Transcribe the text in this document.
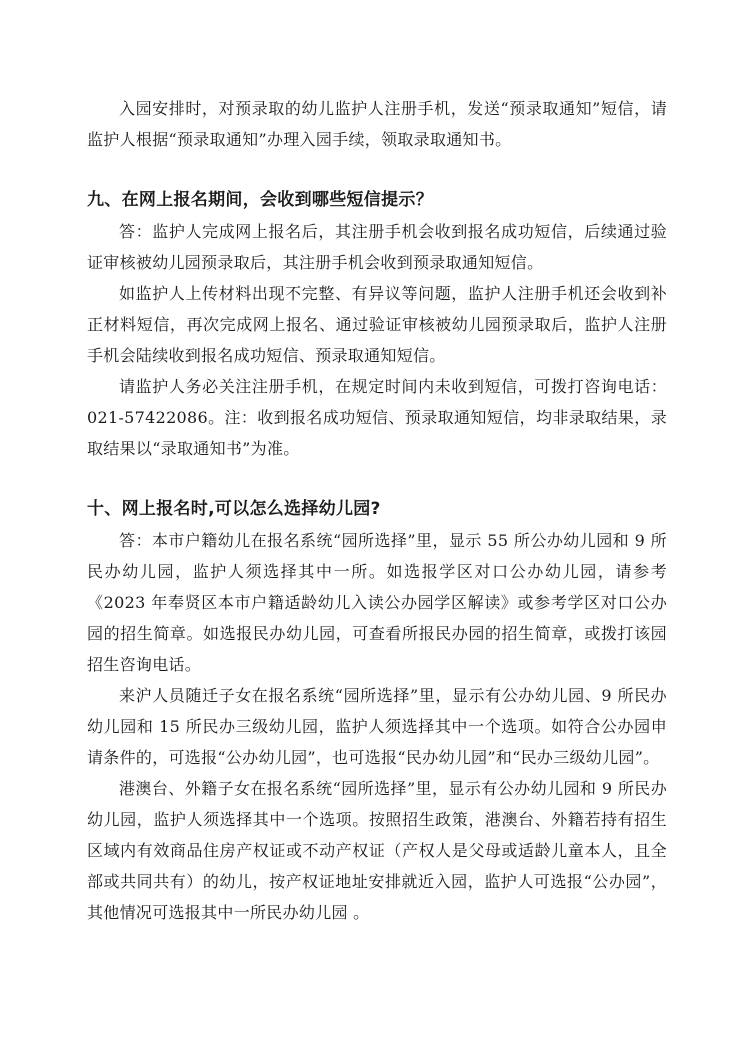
入园安排时，对预录取的幼儿监护人注册手机，发送“预录取通知”短信，请监护人根据“预录取通知”办理入园手续，领取录取通知书。

九、在网上报名期间，会收到哪些短信提示？

答：监护人完成网上报名后，其注册手机会收到报名成功短信，后续通过验证审核被幼儿园预录取后，其注册手机会收到预录取通知短信。

如监护人上传材料出现不完整、有异议等问题，监护人注册手机还会收到补正材料短信，再次完成网上报名、通过验证审核被幼儿园预录取后，监护人注册手机会陆续收到报名成功短信、预录取通知短信。

请监护人务必关注注册手机，在规定时间内未收到短信，可拨打咨询电话：021-57422086。注：收到报名成功短信、预录取通知短信，均非录取结果，录取结果以“录取通知书”为准。

十、网上报名时,可以怎么选择幼儿园?

答：本市户籍幼儿在报名系统“园所选择”里，显示 55 所公办幼儿园和 9 所民办幼儿园，监护人须选择其中一所。如选报学区对口公办幼儿园，请参考《2023 年奉贤区本市户籍适龄幼儿入读公办园学区解读》或参考学区对口公办园的招生简章。如选报民办幼儿园，可查看所报民办园的招生简章，或拨打该园招生咨询电话。

来沪人员随迁子女在报名系统“园所选择”里，显示有公办幼儿园、9 所民办幼儿园和 15 所民办三级幼儿园，监护人须选择其中一个选项。如符合公办园申请条件的，可选报“公办幼儿园”，也可选报“民办幼儿园”和“民办三级幼儿园”。

港澳台、外籍子女在报名系统“园所选择”里，显示有公办幼儿园和 9 所民办幼儿园，监护人须选择其中一个选项。按照招生政策，港澳台、外籍若持有招生区域内有效商品住房产权证或不动产权证（产权人是父母或适龄儿童本人，且全部或共同共有）的幼儿，按产权证地址安排就近入园，监护人可选报“公办园”，其他情况可选报其中一所民办幼儿园 。
